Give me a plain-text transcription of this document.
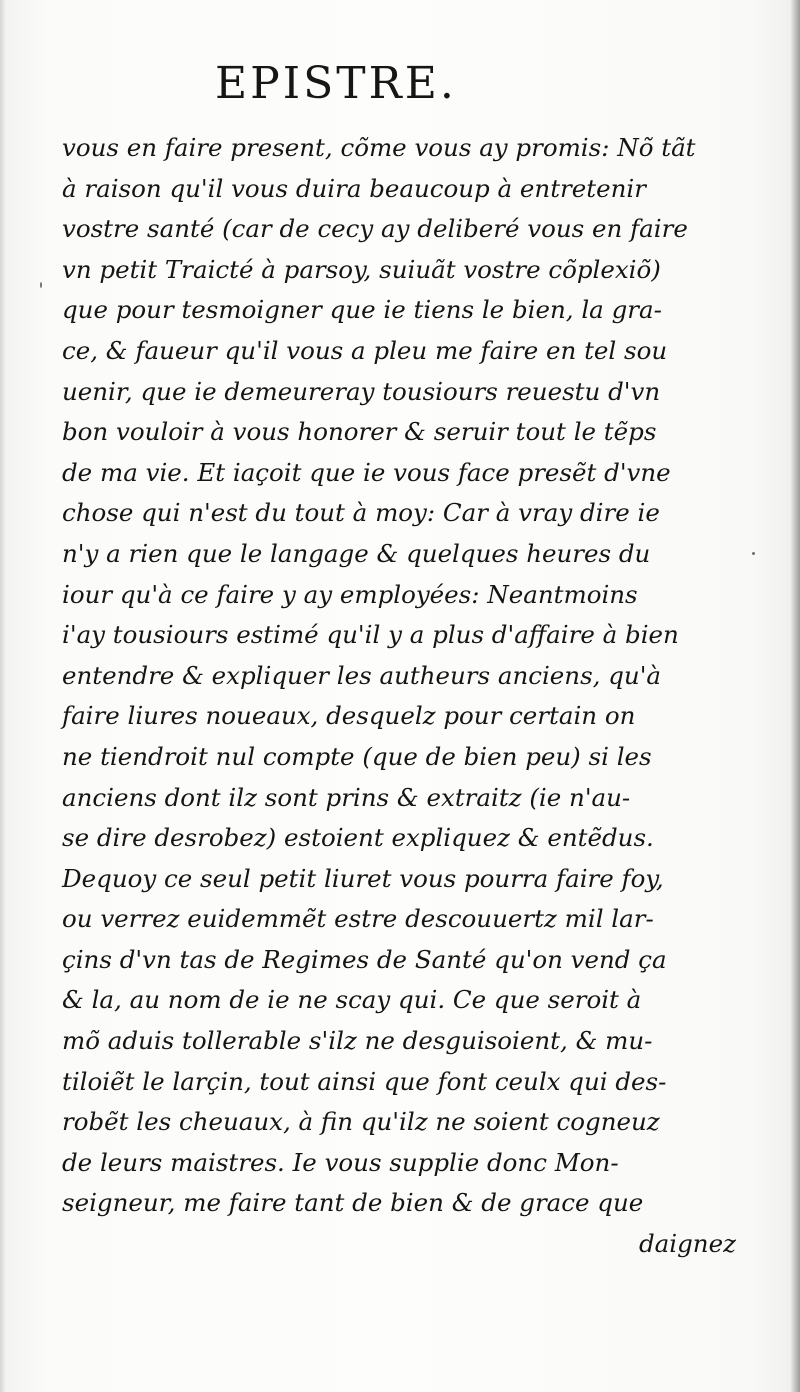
EPISTRE.
vous en faire present, cõme vous ay promis: Nõ tãt
à raison qu'il vous duira beaucoup à entretenir
vostre santé (car de cecy ay deliberé vous en faire
vn petit Traicté à parsoy, suiuãt vostre cõplexiõ)
que pour tesmoigner que ie tiens le bien, la gra-
ce, & faueur qu'il vous a pleu me faire en tel sou
uenir, que ie demeureray tousiours reuestu d'vn
bon vouloir à vous honorer & seruir tout le tẽps
de ma vie. Et iaçoit que ie vous face presẽt d'vne
chose qui n'est du tout à moy: Car à vray dire ie
n'y a rien que le langage & quelques heures du
iour qu'à ce faire y ay employées: Neantmoins
i'ay tousiours estimé qu'il y a plus d'affaire à bien
entendre & expliquer les autheurs anciens, qu'à
faire liures noueaux, desquelz pour certain on
ne tiendroit nul compte (que de bien peu) si les
anciens dont ilz sont prins & extraitz (ie n'au-
se dire desrobez) estoient expliquez & entẽdus.
Dequoy ce seul petit liuret vous pourra faire foy,
ou verrez euidemmẽt estre descouuertz mil lar-
çins d'vn tas de Regimes de Santé qu'on vend ça
& la, au nom de ie ne scay qui. Ce que seroit à
mõ aduis tollerable s'ilz ne desguisoient, & mu-
tiloiẽt le larçin, tout ainsi que font ceulx qui des-
robẽt les cheuaux, à fin qu'ilz ne soient cogneuz
de leurs maistres. Ie vous supplie donc Mon-
seigneur, me faire tant de bien & de grace que
daignez
